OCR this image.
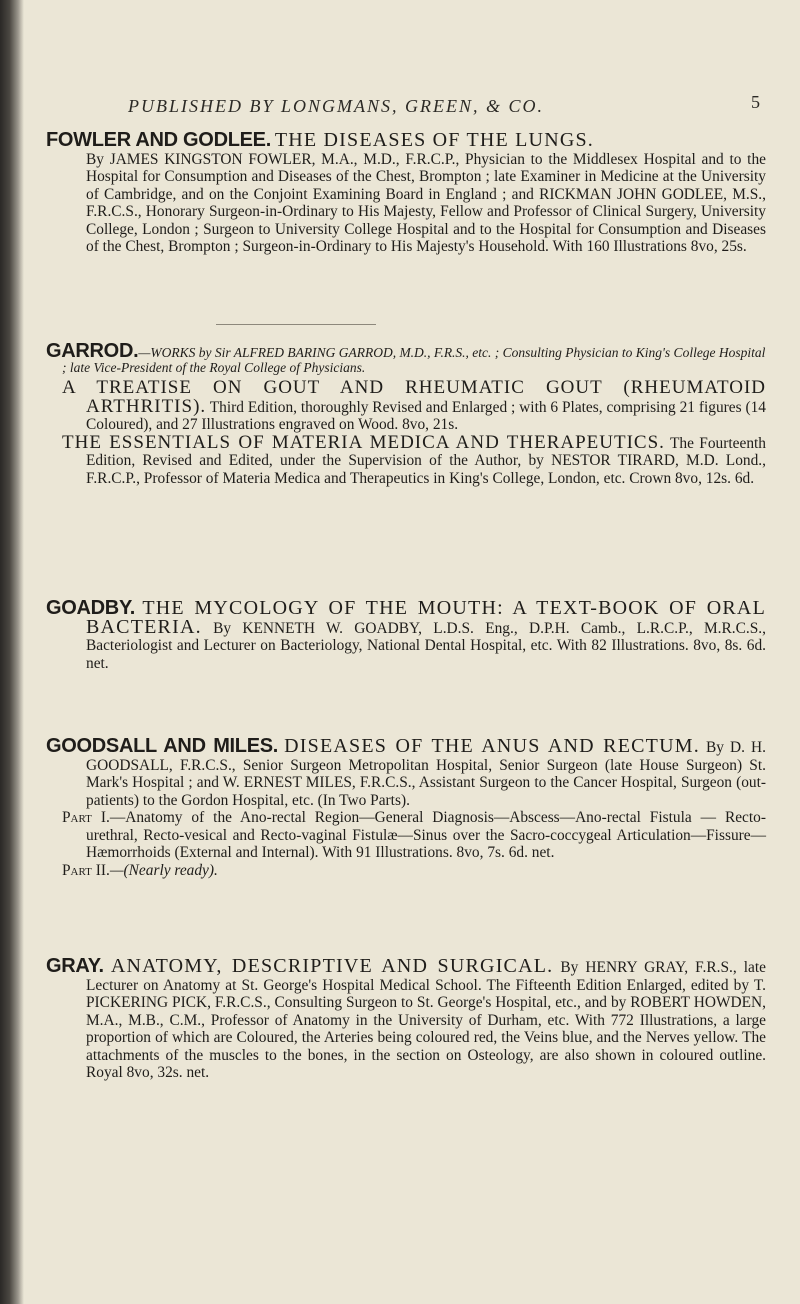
PUBLISHED BY LONGMANS, GREEN, & CO.	5

FOWLER AND GODLEE. THE DISEASES OF THE LUNGS.

By JAMES KINGSTON FOWLER, M.A., M.D., F.R.C.P., Physician to the Middlesex Hospital and to the Hospital for Consumption and Diseases of the Chest, Brompton ; late Examiner in Medicine at the University of Cambridge, and on the Conjoint Examining Board in England ; and RICKMAN JOHN GODLEE, M.S., F.R.C.S., Honorary Surgeon-in-Ordinary to His Majesty, Fellow and Professor of Clinical Surgery, University College, London ; Surgeon to University College Hospital and to the Hospital for Consumption and Diseases of the Chest, Brompton ; Surgeon-in-Ordinary to His Majesty's Household. With 160 Illustrations 8vo, 25s.

GARROD.—WORKS by Sir ALFRED BARING GARROD, M.D., F.R.S., etc. ; Consulting Physician to King's College Hospital ; late Vice-President of the Royal College of Physicians.

A TREATISE ON GOUT AND RHEUMATIC GOUT (RHEUMATOID ARTHRITIS). Third Edition, thoroughly Revised and Enlarged ; with 6 Plates, comprising 21 figures (14 Coloured), and 27 Illustrations engraved on Wood. 8vo, 21s.

THE ESSENTIALS OF MATERIA MEDICA AND THERAPEUTICS. The Fourteenth Edition, Revised and Edited, under the Supervision of the Author, by NESTOR TIRARD, M.D. Lond., F.R.C.P., Professor of Materia Medica and Therapeutics in King's College, London, etc. Crown 8vo, 12s. 6d.

GOADBY. THE MYCOLOGY OF THE MOUTH: A TEXT-BOOK OF ORAL BACTERIA. By KENNETH W. GOADBY, L.D.S. Eng., D.P.H. Camb., L.R.C.P., M.R.C.S., Bacteriologist and Lecturer on Bacteriology, National Dental Hospital, etc. With 82 Illustrations. 8vo, 8s. 6d. net.

GOODSALL AND MILES. DISEASES OF THE ANUS AND RECTUM. By D. H. GOODSALL, F.R.C.S., Senior Surgeon Metropolitan Hospital, Senior Surgeon (late House Surgeon) St. Mark's Hospital ; and W. ERNEST MILES, F.R.C.S., Assistant Surgeon to the Cancer Hospital, Surgeon (out-patients) to the Gordon Hospital, etc. (In Two Parts).

Part I.—Anatomy of the Ano-rectal Region—General Diagnosis—Abscess—Ano-rectal Fistula — Recto-urethral, Recto-vesical and Recto-vaginal Fistulæ—Sinus over the Sacro-coccygeal Articulation—Fissure—Hæmorrhoids (External and Internal). With 91 Illustrations. 8vo, 7s. 6d. net.

Part II.—(Nearly ready).

GRAY. ANATOMY, DESCRIPTIVE AND SURGICAL. By HENRY GRAY, F.R.S., late Lecturer on Anatomy at St. George's Hospital Medical School. The Fifteenth Edition Enlarged, edited by T. PICKERING PICK, F.R.C.S., Consulting Surgeon to St. George's Hospital, etc., and by ROBERT HOWDEN, M.A., M.B., C.M., Professor of Anatomy in the University of Durham, etc. With 772 Illustrations, a large proportion of which are Coloured, the Arteries being coloured red, the Veins blue, and the Nerves yellow. The attachments of the muscles to the bones, in the section on Osteology, are also shown in coloured outline. Royal 8vo, 32s. net.
